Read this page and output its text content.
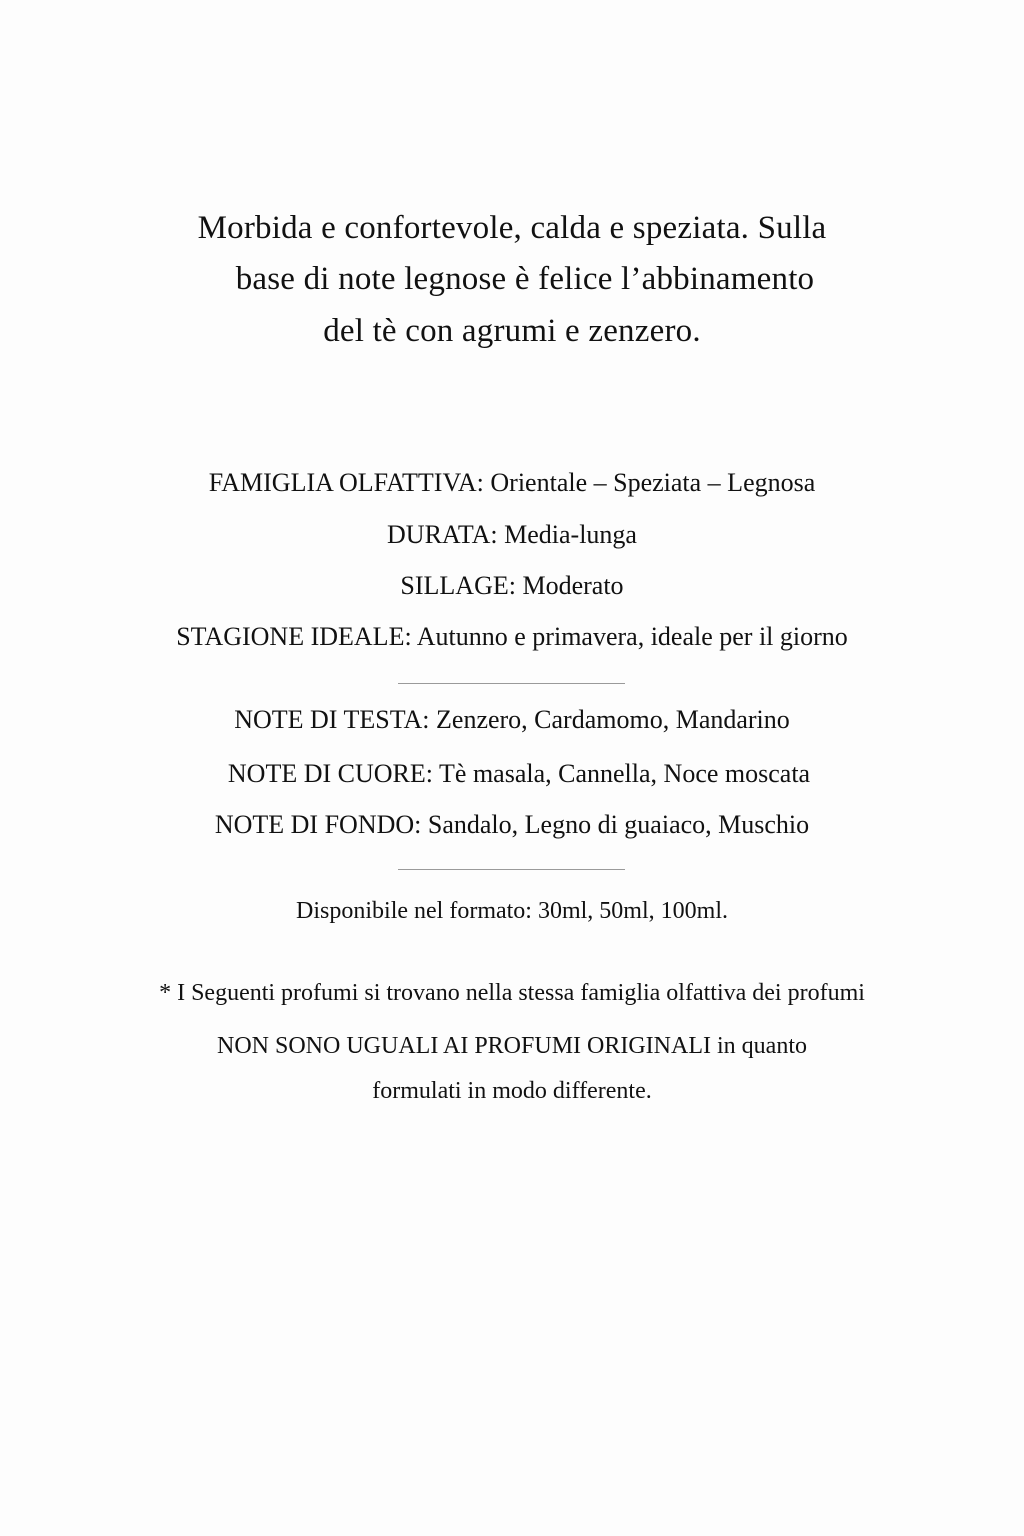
Morbida e confortevole, calda e speziata. Sulla
base di note legnose è felice l’abbinamento
del tè con agrumi e zenzero.
FAMIGLIA OLFATTIVA: Orientale – Speziata – Legnosa
DURATA: Media-lunga
SILLAGE: Moderato
STAGIONE IDEALE: Autunno e primavera, ideale per il giorno
NOTE DI TESTA: Zenzero, Cardamomo, Mandarino
NOTE DI CUORE: Tè masala, Cannella, Noce moscata
NOTE DI FONDO: Sandalo, Legno di guaiaco, Muschio
Disponibile nel formato: 30ml, 50ml, 100ml.
* I Seguenti profumi si trovano nella stessa famiglia olfattiva dei profumi
NON SONO UGUALI AI PROFUMI ORIGINALI in quanto
formulati in modo differente.
